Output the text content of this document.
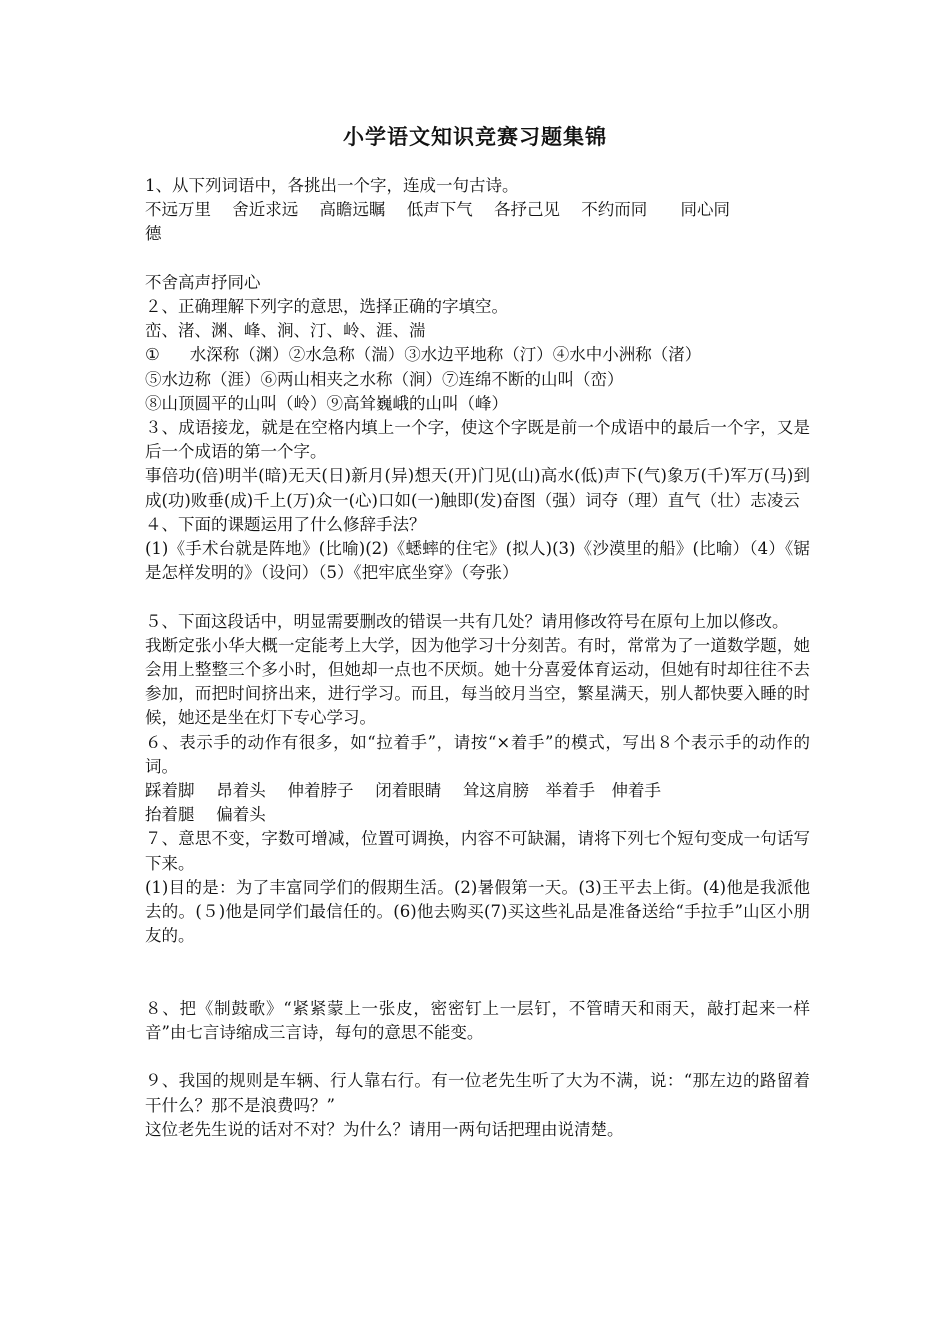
小学语文知识竞赛习题集锦
1、从下列词语中，各挑出一个字，连成一句古诗。
不远万里 舍近求远 高瞻远瞩 低声下气 各抒己见 不约而同 同心同
德
不舍高声抒同心
２、正确理解下列字的意思，选择正确的字填空。
峦、渚、渊、峰、涧、汀、岭、涯、湍
① 水深称（渊）②水急称（湍）③水边平地称（汀）④水中小洲称（渚）
⑤水边称（涯）⑥两山相夹之水称（涧）⑦连绵不断的山叫（峦）
⑧山顶圆平的山叫（岭）⑨高耸巍峨的山叫（峰）
３、成语接龙，就是在空格内填上一个字，使这个字既是前一个成语中的最后一个字，又是后一个成语的第一个字。
事倍功(倍)明半(暗)无天(日)新月(异)想天(开)门见(山)高水(低)声下(气)象万(千)军万(马)到成(功)败垂(成)千上(万)众一(心)口如(一)触即(发)奋图（强）词夺（理）直气（壮）志凌云
４、下面的课题运用了什么修辞手法？
(1)《手术台就是阵地》(比喻)(2)《蟋蟀的住宅》(拟人)(3)《沙漠里的船》(比喻）（4）《锯是怎样发明的》（设问）（5）《把牢底坐穿》（夸张）
５、下面这段话中，明显需要删改的错误一共有几处？请用修改符号在原句上加以修改。
我断定张小华大概一定能考上大学，因为他学习十分刻苦。有时，常常为了一道数学题，她会用上整整三个多小时，但她却一点也不厌烦。她十分喜爱体育运动，但她有时却往往不去参加，而把时间挤出来，进行学习。而且，每当皎月当空，繁星满天，别人都快要入睡的时候，她还是坐在灯下专心学习。
６、表示手的动作有很多，如“拉着手”，请按“×着手”的模式，写出８个表示手的动作的词。
踩着脚　 昂着头　 伸着脖子　 闭着眼睛　 耸这肩膀　举着手　伸着手
抬着腿　 偏着头
７、意思不变，字数可增减，位置可调换，内容不可缺漏，请将下列七个短句变成一句话写下来。
(1)目的是：为了丰富同学们的假期生活。(2)暑假第一天。(3)王平去上街。(4)他是我派他去的。(５)他是同学们最信任的。(6)他去购买(7)买这些礼品是准备送给“手拉手”山区小朋友的。
８、把《制鼓歌》“紧紧蒙上一张皮，密密钉上一层钉，不管晴天和雨天，敲打起来一样音”由七言诗缩成三言诗，每句的意思不能变。
９、我国的规则是车辆、行人靠右行。有一位老先生听了大为不满，说：“那左边的路留着干什么？那不是浪费吗？”
这位老先生说的话对不对？为什么？请用一两句话把理由说清楚。
